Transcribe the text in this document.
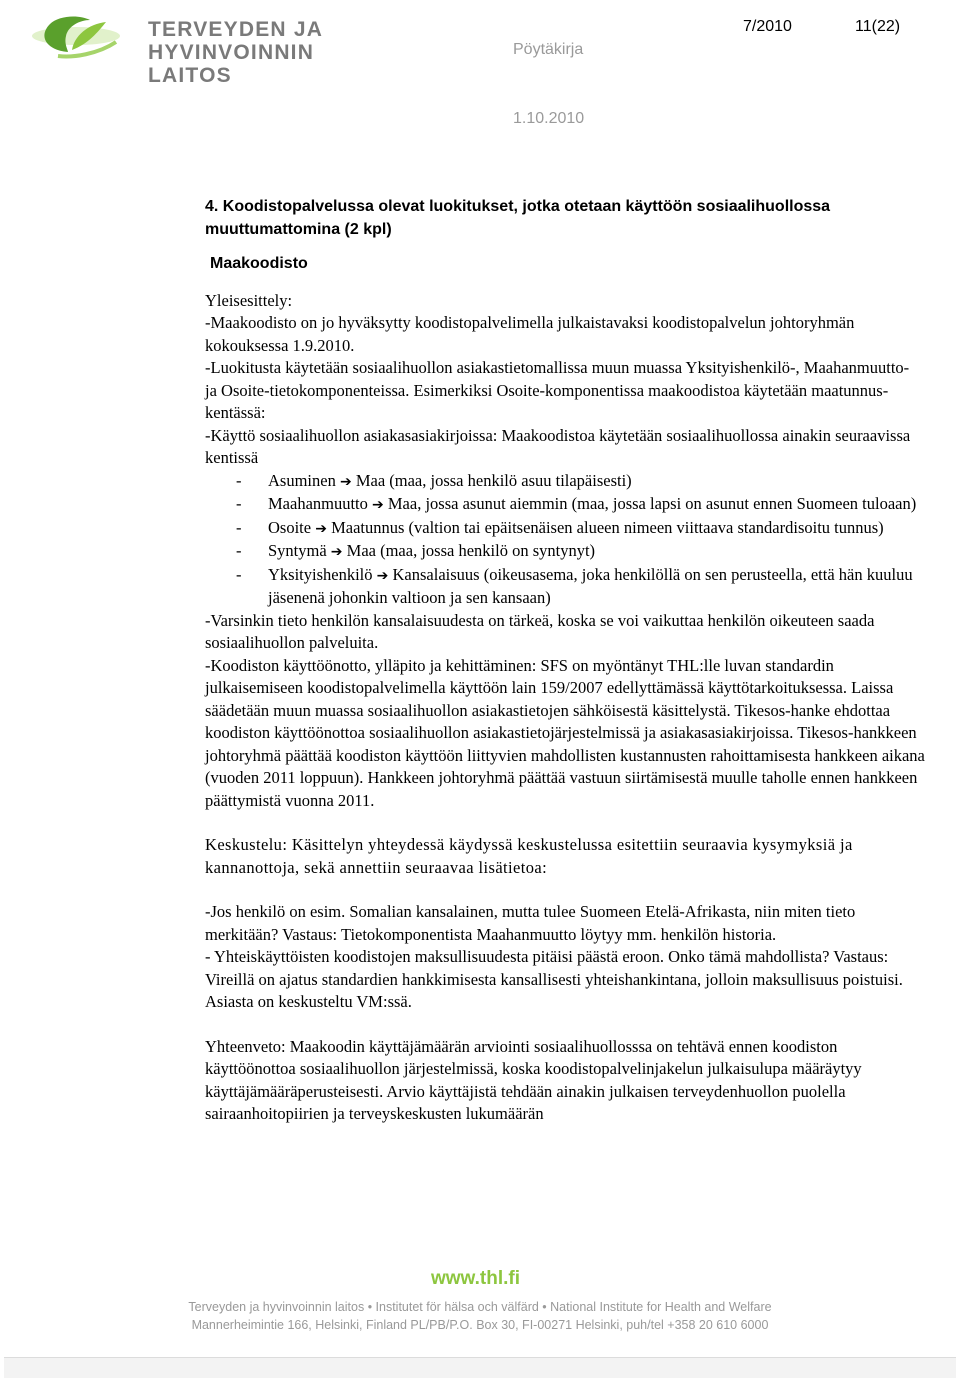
TERVEYDEN JA
HYVINVOINNIN LAITOS
7/2010	11(22)
Pöytäkirja
1.10.2010

4. Koodistopalvelussa olevat luokitukset, jotka otetaan käyttöön sosiaalihuollossa
muuttumattomina (2 kpl)

Maakoodisto

Yleisesittely:

-Maakoodisto on jo hyväksytty koodistopalvelimella julkaistavaksi koodistopalvelun johtoryhmän kokouksessa 1.9.2010.

-Luokitusta käytetään sosiaalihuollon asiakastietomallissa muun muassa Yksityishenkilö-, Maahanmuutto- ja Osoite-tietokomponenteissa. Esimerkiksi Osoite-komponentissa maakoodistoa käytetään maatunnus-kentässä:

-Käyttö sosiaalihuollon asiakasasiakirjoissa: Maakoodistoa käytetään sosiaalihuollossa ainakin seuraavissa kentissä

- Asuminen ➔ Maa (maa, jossa henkilö asuu tilapäisesti)
- Maahanmuutto ➔ Maa, jossa asunut aiemmin (maa, jossa lapsi on asunut ennen Suomeen tuloaan)
- Osoite ➔ Maatunnus (valtion tai epäitsenäisen alueen nimeen viittaava standardisoitu tunnus)
- Syntymä ➔ Maa (maa, jossa henkilö on syntynyt)
- Yksityishenkilö ➔ Kansalaisuus (oikeusasema, joka henkilöllä on sen perusteella, että hän kuuluu jäsenenä johonkin valtioon ja sen kansaan)

-Varsinkin tieto henkilön kansalaisuudesta on tärkeä, koska se voi vaikuttaa henkilön oikeuteen saada sosiaalihuollon palveluita.

-Koodiston käyttöönotto, ylläpito ja kehittäminen: SFS on myöntänyt THL:lle luvan standardin julkaisemiseen koodistopalvelimella käyttöön lain 159/2007 edellyttämässä käyttötarkoituksessa. Laissa säädetään muun muassa sosiaalihuollon asiakastietojen sähköisestä käsittelystä. Tikesos-hanke ehdottaa koodiston käyttöönottoa sosiaalihuollon asiakastietojärjestelmissä ja asiakasasiakirjoissa. Tikesos-hankkeen johtoryhmä päättää koodiston käyttöön liittyvien mahdollisten kustannusten rahoittamisesta hankkeen aikana (vuoden 2011 loppuun). Hankkeen johtoryhmä päättää vastuun siirtämisestä muulle taholle ennen hankkeen päättymistä vuonna 2011.

Keskustelu: Käsittelyn yhteydessä käydyssä keskustelussa esitettiin seuraavia kysymyksiä ja kannanottoja, sekä annettiin seuraavaa lisätietoa:

-Jos henkilö on esim. Somalian kansalainen, mutta tulee Suomeen Etelä-Afrikasta, niin miten tieto merkitään? Vastaus: Tietokomponentista Maahanmuutto löytyy mm. henkilön historia.

- Yhteiskäyttöisten koodistojen maksullisuudesta pitäisi päästä eroon. Onko tämä mahdollista? Vastaus: Vireillä on ajatus standardien hankkimisesta kansallisesti yhteishankintana, jolloin maksullisuus poistuisi. Asiasta on keskusteltu VM:ssä.

Yhteenveto: Maakoodin käyttäjämäärän arviointi sosiaalihuollosssa on tehtävä ennen koodiston käyttöönottoa sosiaalihuollon järjestelmissä, koska koodistopalvelinjakelun julkaisulupa määräytyy käyttäjämääräperusteisesti. Arvio käyttäjistä tehdään ainakin julkaisen terveydenhuollon puolella sairaanhoitopiirien ja terveyskeskusten lukumäärän

www.thl.fi
Terveyden ja hyvinvoinnin laitos • Institutet för hälsa och välfärd • National Institute for Health and Welfare
Mannerheimintie 166, Helsinki, Finland PL/PB/P.O. Box 30, FI-00271 Helsinki, puh/tel +358 20 610 6000
